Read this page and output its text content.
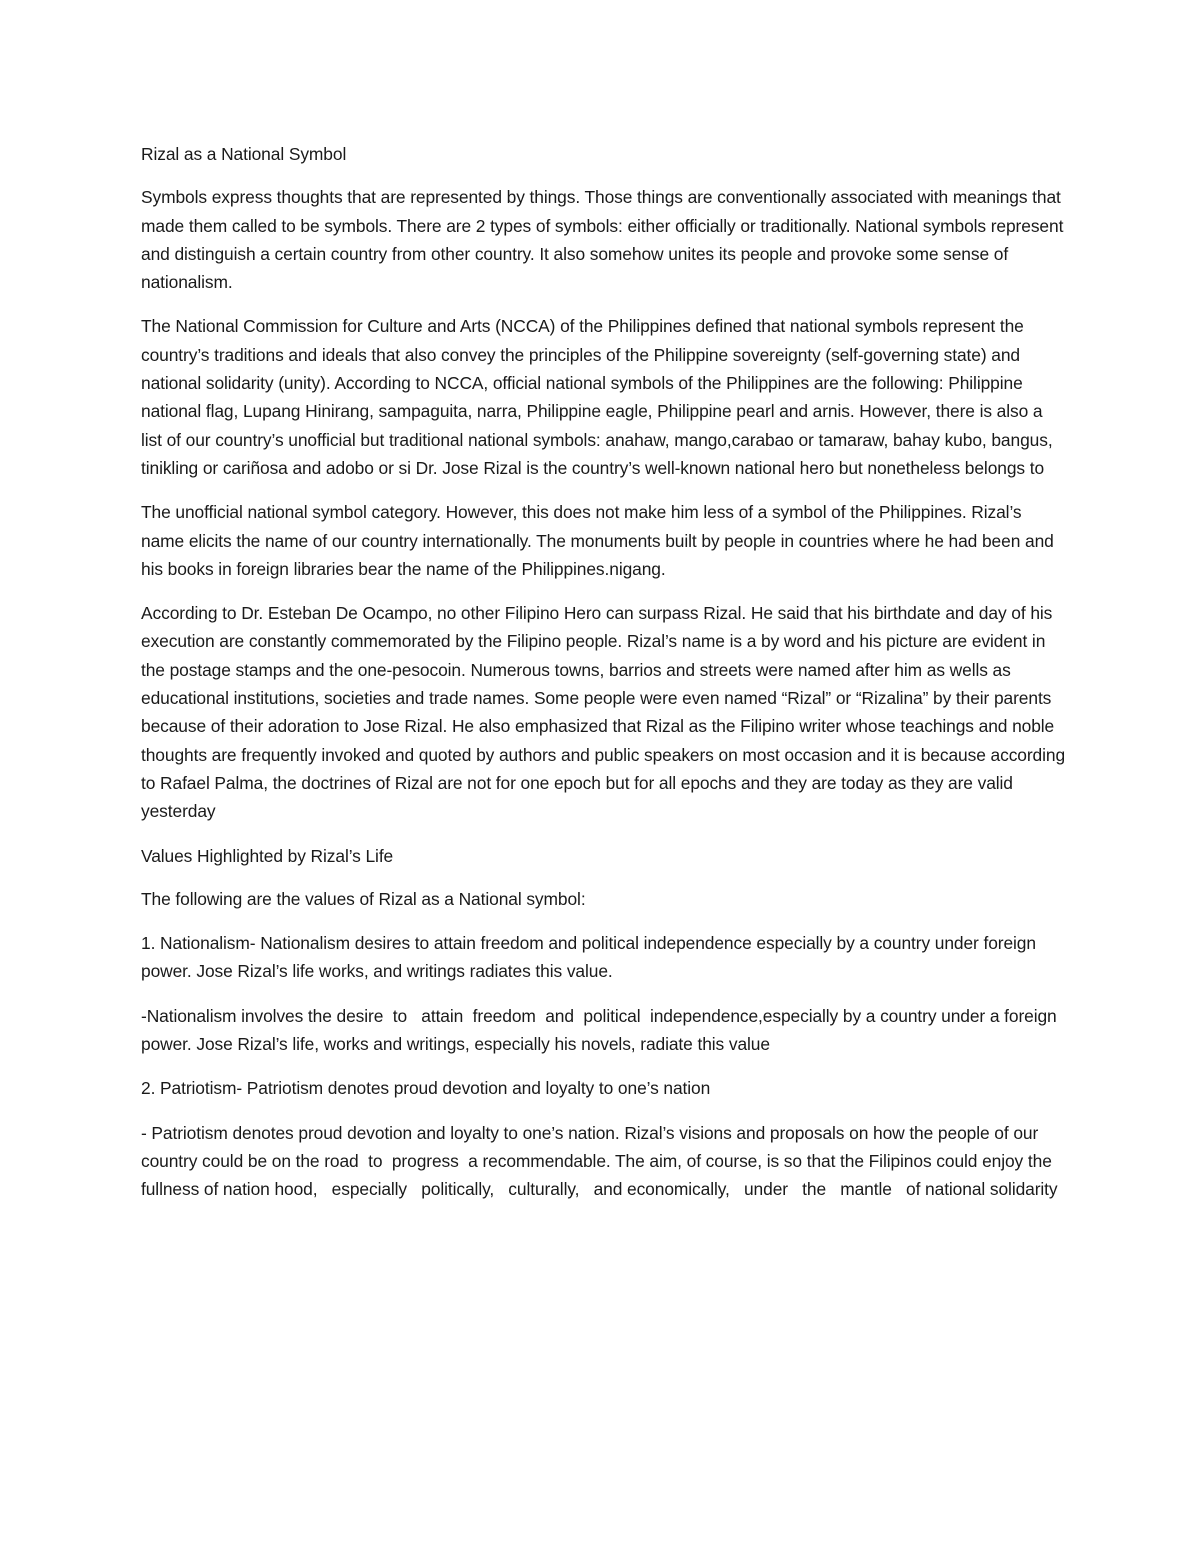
Rizal as a National Symbol

Symbols express thoughts that are represented by things. Those things are conventionally associated with meanings that made them called to be symbols. There are 2 types of symbols: either officially or traditionally. National symbols represent and distinguish a certain country from other country. It also somehow unites its people and provoke some sense of nationalism.

The National Commission for Culture and Arts (NCCA) of the Philippines defined that national symbols represent the country’s traditions and ideals that also convey the principles of the Philippine sovereignty (self-governing state) and national solidarity (unity). According to NCCA, official national symbols of the Philippines are the following: Philippine national flag, Lupang Hinirang, sampaguita, narra, Philippine eagle, Philippine pearl and arnis. However, there is also a list of our country’s unofficial but traditional national symbols: anahaw, mango,carabao or tamaraw, bahay kubo, bangus, tinikling or cariñosa and adobo or si Dr. Jose Rizal is the country’s well-known national hero but nonetheless belongs to

The unofficial national symbol category. However, this does not make him less of a symbol of the Philippines. Rizal’s name elicits the name of our country internationally. The monuments built by people in countries where he had been and his books in foreign libraries bear the name of the Philippines.nigang.

According to Dr. Esteban De Ocampo, no other Filipino Hero can surpass Rizal. He said that his birthdate and day of his execution are constantly commemorated by the Filipino people. Rizal’s name is a by word and his picture are evident in the postage stamps and the one-pesocoin. Numerous towns, barrios and streets were named after him as wells as educational institutions, societies and trade names. Some people were even named “Rizal” or “Rizalina” by their parents because of their adoration to Jose Rizal. He also emphasized that Rizal as the Filipino writer whose teachings and noble thoughts are frequently invoked and quoted by authors and public speakers on most occasion and it is because according to Rafael Palma, the doctrines of Rizal are not for one epoch but for all epochs and they are today as they are valid yesterday

Values Highlighted by Rizal’s Life

The following are the values of Rizal as a National symbol:

1. Nationalism- Nationalism desires to attain freedom and political independence especially by a country under foreign power. Jose Rizal’s life works, and writings radiates this value.

-Nationalism involves the desire  to   attain  freedom  and  political  independence,especially by a country under a foreign power. Jose Rizal’s life, works and writings, especially his novels, radiate this value

2. Patriotism- Patriotism denotes proud devotion and loyalty to one’s nation

- Patriotism denotes proud devotion and loyalty to one’s nation. Rizal’s visions and proposals on how the people of our country could be on the road  to  progress  a recommendable. The aim, of course, is so that the Filipinos could enjoy the fullness of nation hood,   especially   politically,   culturally,   and economically,   under   the   mantle   of national solidarity
